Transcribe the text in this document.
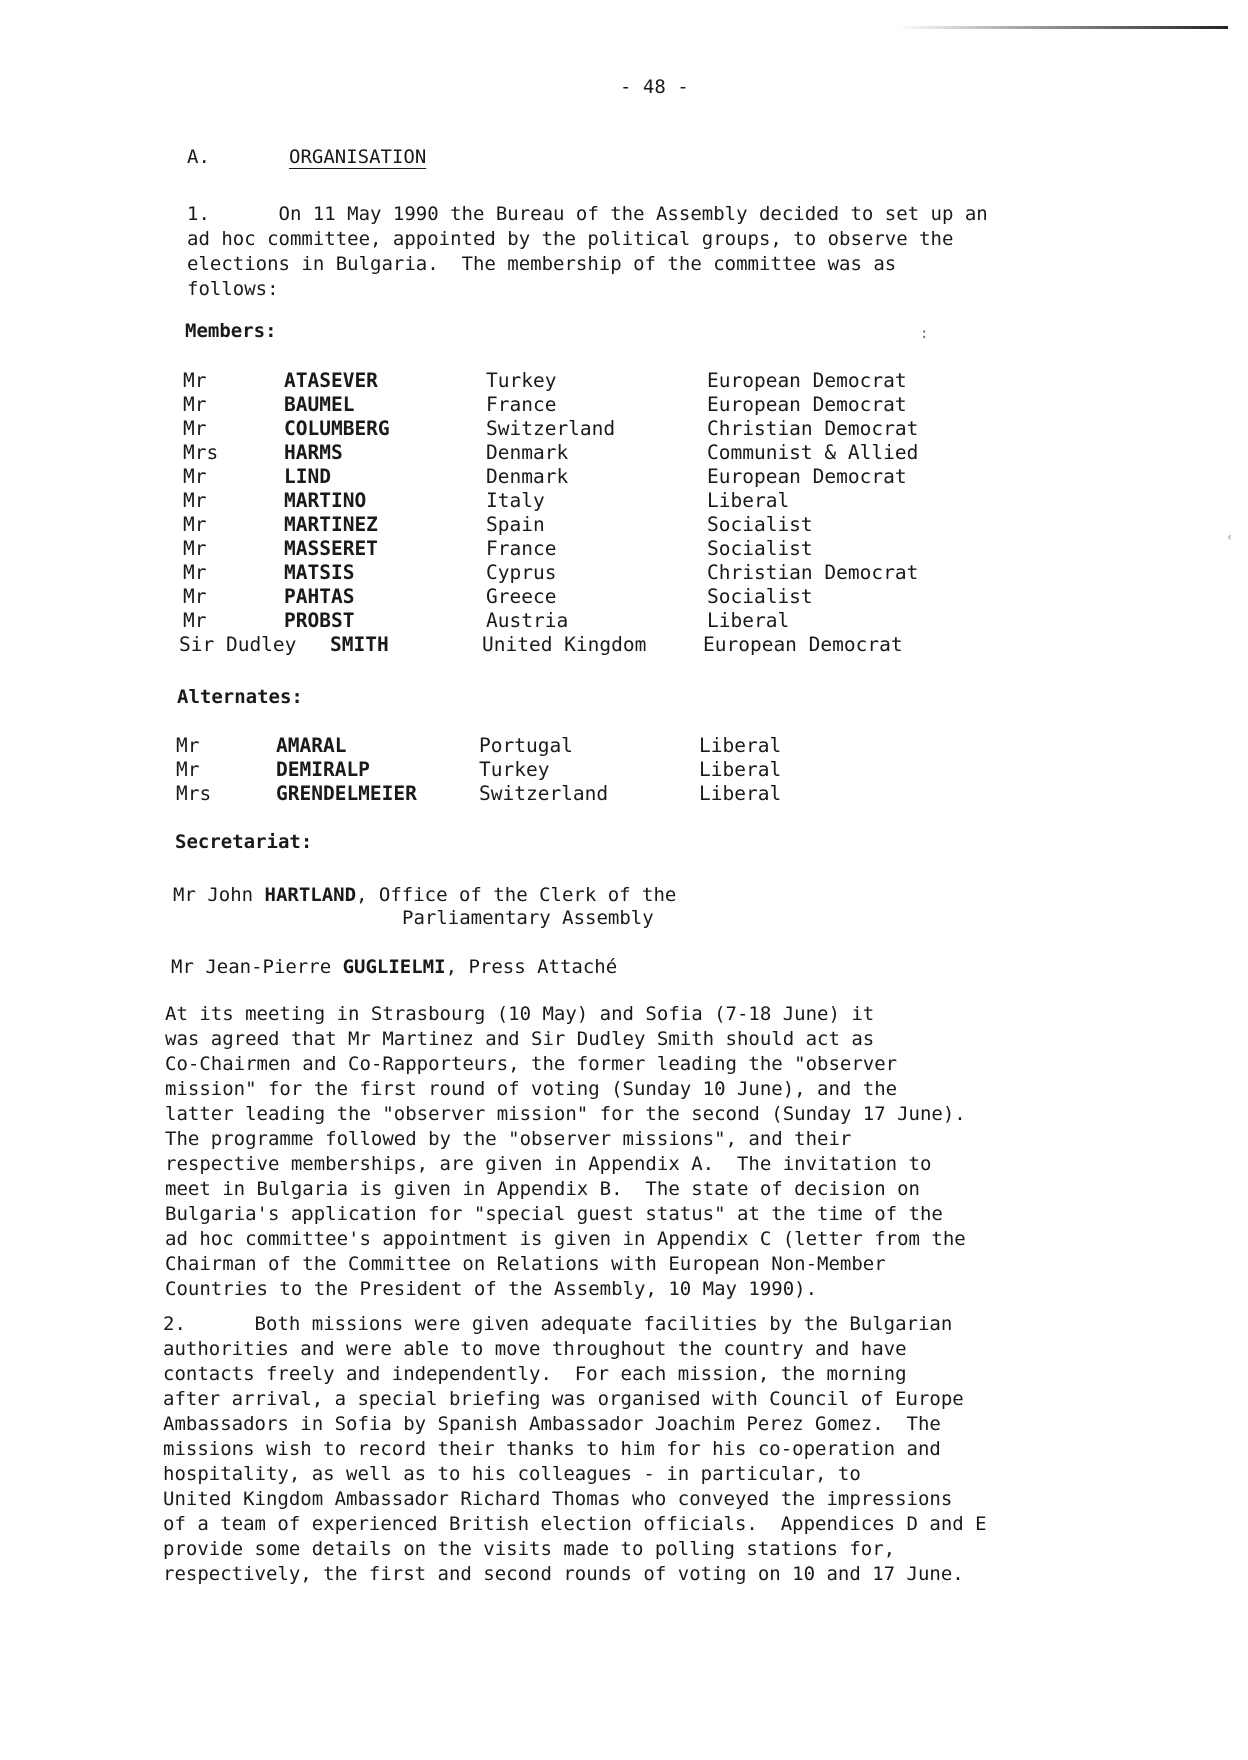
- 48 -
A.	ORGANISATION

1.      On 11 May 1990 the Bureau of the Assembly decided to set up an
ad hoc committee, appointed by the political groups, to observe the
elections in Bulgaria.  The membership of the committee was as
follows:

Members:	:
‹
Mr	ATASEVER	Turkey	European Democrat
Mr	BAUMEL	France	European Democrat
Mr	COLUMBERG	Switzerland	Christian Democrat
Mrs	HARMS	Denmark	Communist & Allied
Mr	LIND	Denmark	European Democrat
Mr	MARTINO	Italy	Liberal
Mr	MARTINEZ	Spain	Socialist
Mr	MASSERET	France	Socialist
Mr	MATSIS	Cyprus	Christian Democrat
Mr	PAHTAS	Greece	Socialist
Mr	PROBST	Austria	Liberal
Sir Dudley SMITH	United Kingdom	European Democrat
Alternates:
Mr	AMARAL	Portugal	Liberal
Mr	DEMIRALP	Turkey	Liberal
Mrs	GRENDELMEIER	Switzerland	Liberal
Secretariat:
Mr John HARTLAND, Office of the Clerk of the
Parliamentary Assembly
Mr Jean-Pierre GUGLIELMI, Press Attaché

At its meeting in Strasbourg (10 May) and Sofia (7-18 June) it
was agreed that Mr Martinez and Sir Dudley Smith should act as
Co-Chairmen and Co-Rapporteurs, the former leading the "observer
mission" for the first round of voting (Sunday 10 June), and the
latter leading the "observer mission" for the second (Sunday 17 June).
The programme followed by the "observer missions", and their
respective memberships, are given in Appendix A.  The invitation to
meet in Bulgaria is given in Appendix B.  The state of decision on
Bulgaria's application for "special guest status" at the time of the
ad hoc committee's appointment is given in Appendix C (letter from the
Chairman of the Committee on Relations with European Non-Member
Countries to the President of the Assembly, 10 May 1990).

2.      Both missions were given adequate facilities by the Bulgarian
authorities and were able to move throughout the country and have
contacts freely and independently.  For each mission, the morning
after arrival, a special briefing was organised with Council of Europe
Ambassadors in Sofia by Spanish Ambassador Joachim Perez Gomez.  The
missions wish to record their thanks to him for his co-operation and
hospitality, as well as to his colleagues - in particular, to
United Kingdom Ambassador Richard Thomas who conveyed the impressions
of a team of experienced British election officials.  Appendices D and E
provide some details on the visits made to polling stations for,
respectively, the first and second rounds of voting on 10 and 17 June.
